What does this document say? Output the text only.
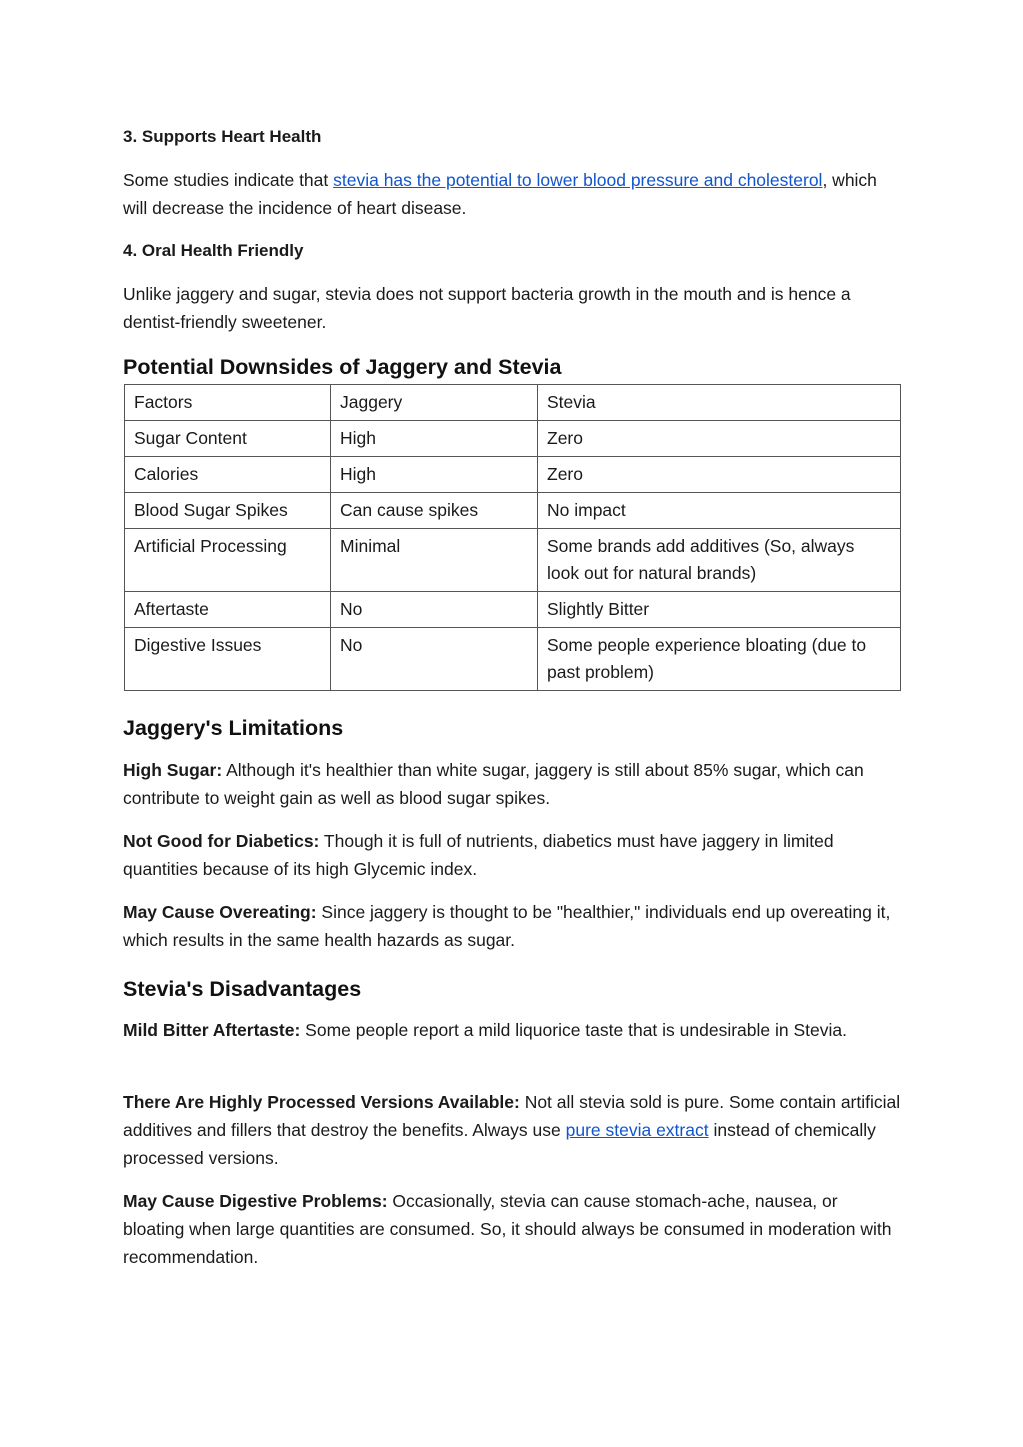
3. Supports Heart Health

Some studies indicate that stevia has the potential to lower blood pressure and cholesterol, which will decrease the incidence of heart disease.

4. Oral Health Friendly

Unlike jaggery and sugar, stevia does not support bacteria growth in the mouth and is hence a dentist-friendly sweetener.

Potential Downsides of Jaggery and Stevia
Factors	Jaggery	Stevia
Sugar Content	High	Zero
Calories	High	Zero
Blood Sugar Spikes	Can cause spikes	No impact
Artificial Processing	Minimal	Some brands add additives (So, always look out for natural brands)
Aftertaste	No	Slightly Bitter
Digestive Issues	No	Some people experience bloating (due to past problem)
Jaggery's Limitations

High Sugar: Although it's healthier than white sugar, jaggery is still about 85% sugar, which can contribute to weight gain as well as blood sugar spikes.

Not Good for Diabetics: Though it is full of nutrients, diabetics must have jaggery in limited quantities because of its high Glycemic index.

May Cause Overeating: Since jaggery is thought to be "healthier," individuals end up overeating it, which results in the same health hazards as sugar.

Stevia's Disadvantages

Mild Bitter Aftertaste: Some people report a mild liquorice taste that is undesirable in Stevia.

There Are Highly Processed Versions Available: Not all stevia sold is pure. Some contain artificial additives and fillers that destroy the benefits. Always use pure stevia extract instead of chemically processed versions.

May Cause Digestive Problems: Occasionally, stevia can cause stomach-ache, nausea, or bloating when large quantities are consumed. So, it should always be consumed in moderation with recommendation.
